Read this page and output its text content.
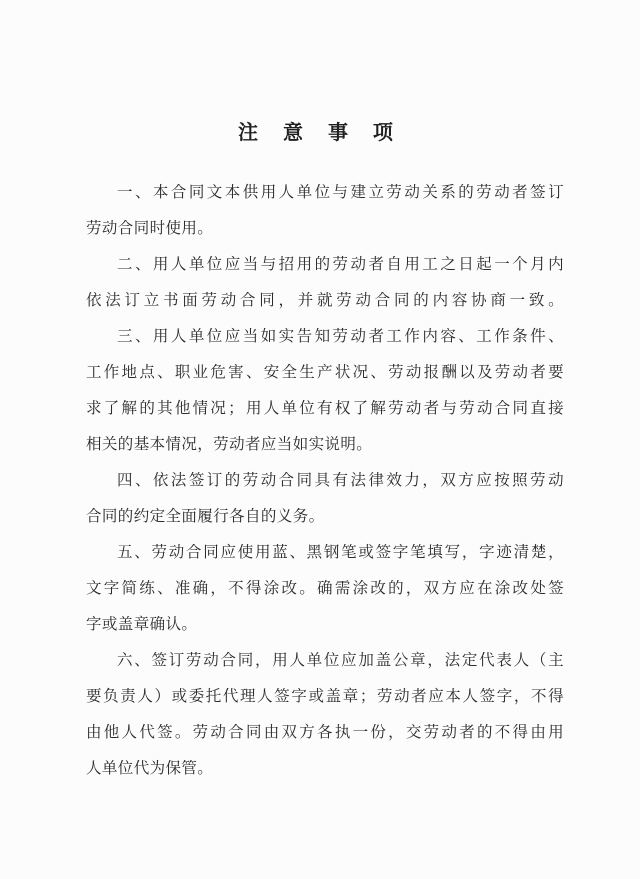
注 意 事 项
一、本合同文本供用人单位与建立劳动关系的劳动者签订
劳动合同时使用。
二、用人单位应当与招用的劳动者自用工之日起一个月内
依法订立书面劳动合同，并就劳动合同的内容协商一致。
三、用人单位应当如实告知劳动者工作内容、工作条件、
工作地点、职业危害、安全生产状况、劳动报酬以及劳动者要
求了解的其他情况；用人单位有权了解劳动者与劳动合同直接
相关的基本情况，劳动者应当如实说明。
四、依法签订的劳动合同具有法律效力，双方应按照劳动
合同的约定全面履行各自的义务。
五、劳动合同应使用蓝、黑钢笔或签字笔填写，字迹清楚，
文字简练、准确，不得涂改。确需涂改的，双方应在涂改处签
字或盖章确认。
六、签订劳动合同，用人单位应加盖公章，法定代表人（主
要负责人）或委托代理人签字或盖章；劳动者应本人签字，不得
由他人代签。劳动合同由双方各执一份，交劳动者的不得由用
人单位代为保管。
